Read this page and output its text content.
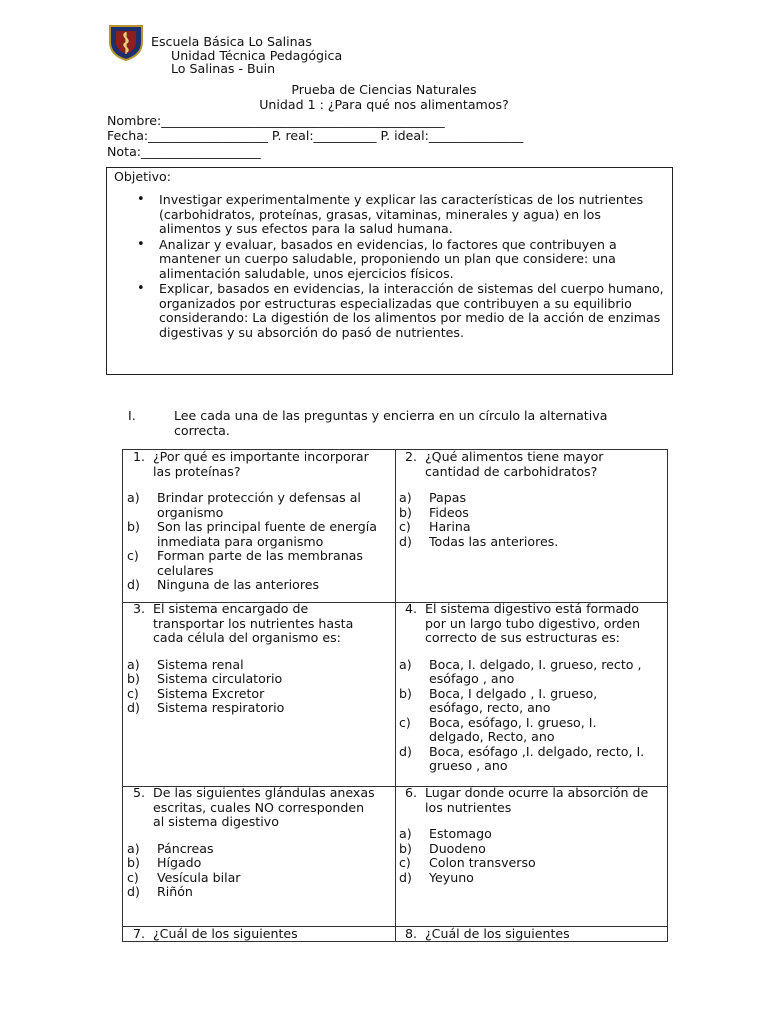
Escuela Básica Lo Salinas
Unidad Técnica Pedagógica
Lo Salinas - Buin
Prueba de Ciencias Naturales
Unidad 1 : ¿Para qué nos alimentamos?
Nombre:_____________________________________________
Fecha:___________________ P. real:__________ P. ideal:_______________
Nota:___________________
Objetivo:
• Investigar experimentalmente y explicar las características de los nutrientes                    (carbohidratos, proteínas, grasas, vitaminas, minerales y agua) en los alimentos y sus efectos para la salud humana.
• Analizar y evaluar, basados en evidencias, lo factores que contribuyen a mantener un cuerpo saludable, proponiendo un plan que considere: una alimentación saludable, unos ejercicios físicos.
• Explicar, basados en evidencias, la interacción de sistemas del cuerpo humano, organizados por estructuras especializadas que contribuyen a su equilibrio considerando: La digestión de los alimentos por medio de la acción de enzimas digestivas y su absorción do pasó de nutrientes.
I.	Lee cada una de las preguntas y encierra en un círculo la alternativa correcta.
1. ¿Por qué es importante incorporar las proteínas?
a) Brindar protección y defensas al organismo
b) Son las principal fuente de energía inmediata para organismo
c) Forman parte de las membranas celulares
d) Ninguna de las anteriores
2. ¿Qué alimentos tiene mayor cantidad de carbohidratos?
a) Papas
b) Fideos
c) Harina
d) Todas las anteriores.
3. El sistema encargado de transportar los nutrientes hasta cada célula del organismo es:
a) Sistema renal
b) Sistema circulatorio
c) Sistema Excretor
d) Sistema respiratorio
4. El sistema digestivo está formado por un largo tubo digestivo, orden correcto de sus estructuras es:
a) Boca, I. delgado, I. grueso, recto , esófago , ano
b) Boca, I delgado , I. grueso, esófago, recto, ano
c) Boca, esófago, I. grueso, I. delgado, Recto, ano
d) Boca, esófago ,I. delgado, recto, I. grueso , ano
5. De las siguientes glándulas anexas escritas, cuales NO corresponden al sistema digestivo
a) Páncreas
b) Hígado
c) Vesícula bilar
d) Riñón
6. Lugar donde ocurre la absorción de los nutrientes
a) Estomago
b) Duodeno
c) Colon transverso
d) Yeyuno
7. ¿Cuál de los siguientes	8. ¿Cuál de los siguientes
